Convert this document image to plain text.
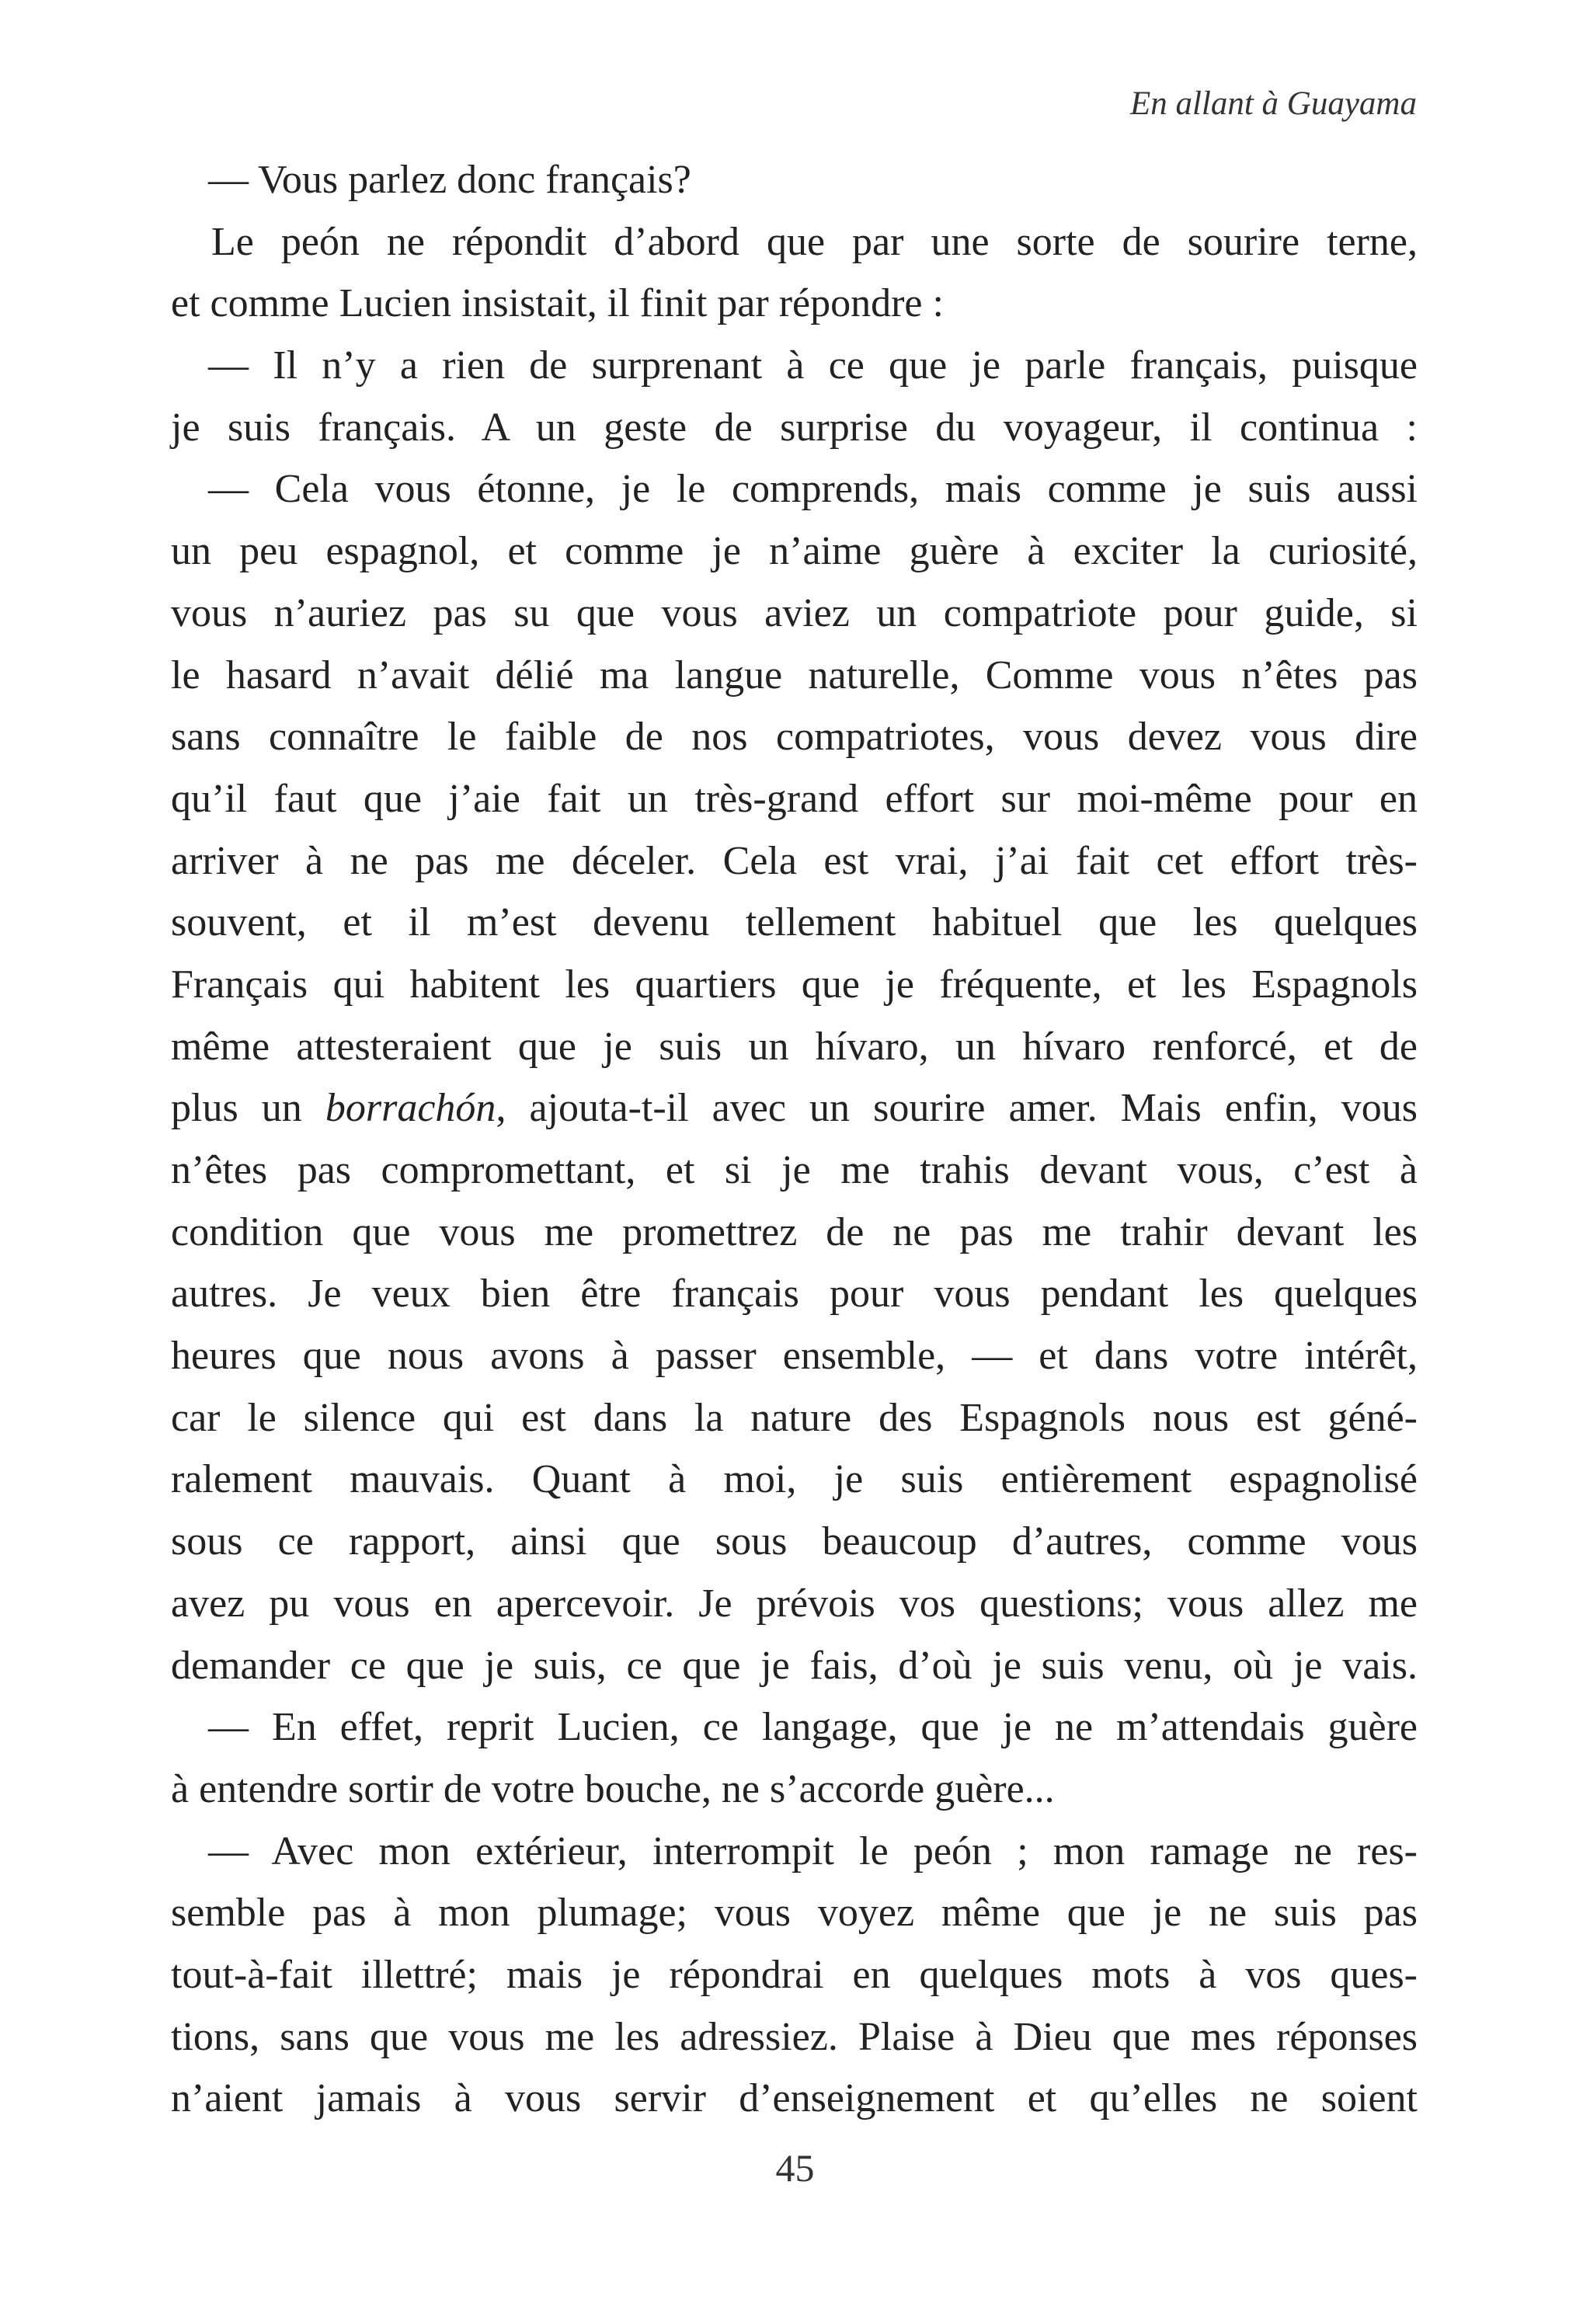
En allant à Guayama
— Vous parlez donc français?
Le peón ne répondit d’abord que par une sorte de sourire terne,
et comme Lucien insistait, il finit par répondre :
— Il n’y a rien de surprenant à ce que je parle français, puisque
je suis français. A un geste de surprise du voyageur, il continua :
— Cela vous étonne, je le comprends, mais comme je suis aussi
un peu espagnol, et comme je n’aime guère à exciter la curiosité,
vous n’auriez pas su que vous aviez un compatriote pour guide, si
le hasard n’avait délié ma langue naturelle, Comme vous n’êtes pas
sans connaître le faible de nos compatriotes, vous devez vous dire
qu’il faut que j’aie fait un très-grand effort sur moi-même pour en
arriver à ne pas me déceler. Cela est vrai, j’ai fait cet effort très-
souvent, et il m’est devenu tellement habituel que les quelques
Français qui habitent les quartiers que je fréquente, et les Espagnols
même attesteraient que je suis un hívaro, un hívaro renforcé, et de
plus un borrachón, ajouta-t-il avec un sourire amer. Mais enfin, vous
n’êtes pas compromettant, et si je me trahis devant vous, c’est à
condition que vous me promettrez de ne pas me trahir devant les
autres. Je veux bien être français pour vous pendant les quelques
heures que nous avons à passer ensemble, — et dans votre intérêt,
car le silence qui est dans la nature des Espagnols nous est géné-
ralement mauvais. Quant à moi, je suis entièrement espagnolisé
sous ce rapport, ainsi que sous beaucoup d’autres, comme vous
avez pu vous en apercevoir. Je prévois vos questions; vous allez me
demander ce que je suis, ce que je fais, d’où je suis venu, où je vais.
— En effet, reprit Lucien, ce langage, que je ne m’attendais guère
à entendre sortir de votre bouche, ne s’accorde guère...
— Avec mon extérieur, interrompit le peón ; mon ramage ne res-
semble pas à mon plumage; vous voyez même que je ne suis pas
tout-à-fait illettré; mais je répondrai en quelques mots à vos ques-
tions, sans que vous me les adressiez. Plaise à Dieu que mes réponses
n’aient jamais à vous servir d’enseignement et qu’elles ne soient
45
